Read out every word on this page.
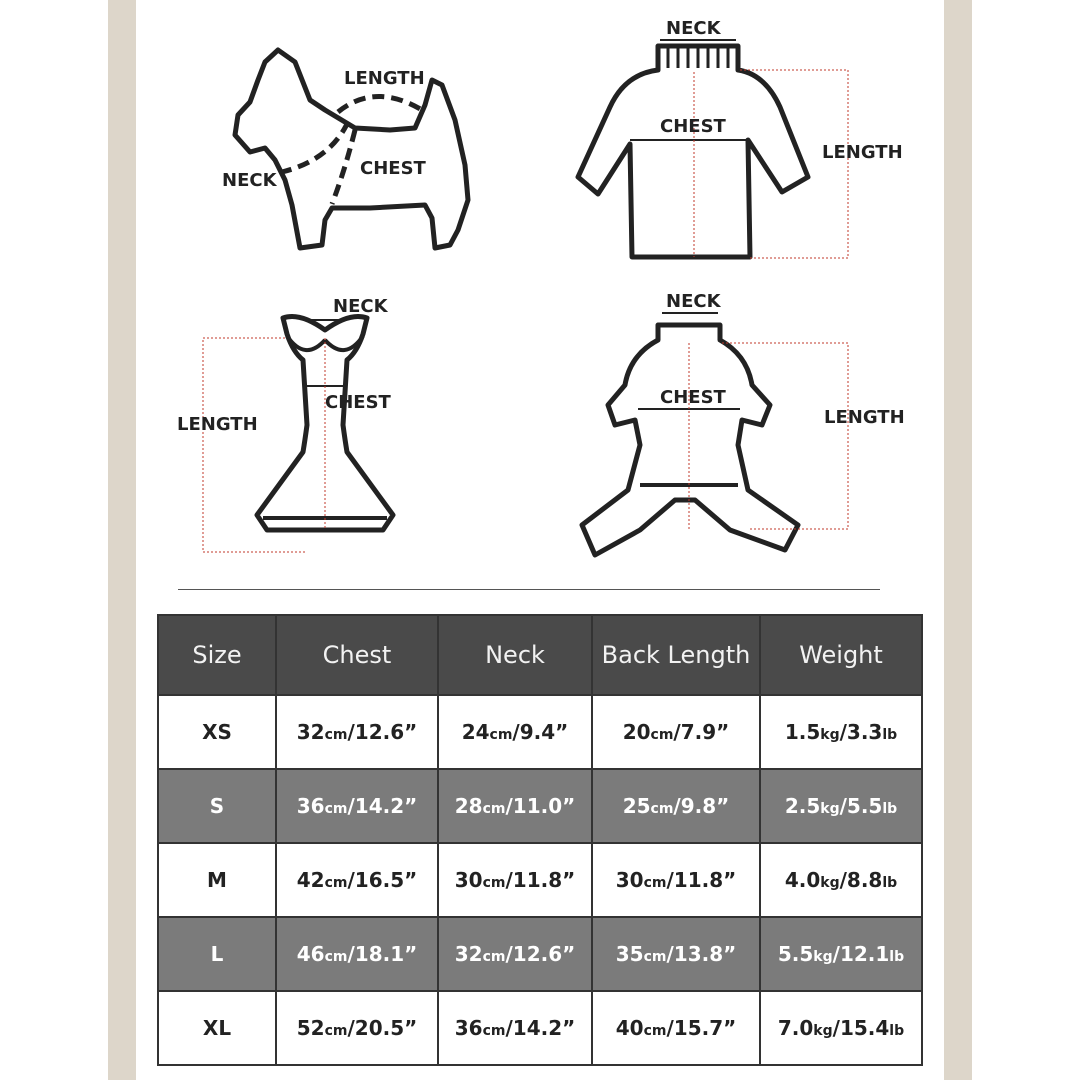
LENGTH
NECK
CHEST
NECK
CHEST
LENGTH
NECK
CHEST
LENGTH
NECK
CHEST
LENGTH
Size	Chest	Neck	Back Length	Weight
XS	32cm/12.6”	24cm/9.4”	20cm/7.9”	1.5kg/3.3lb
S	36cm/14.2”	28cm/11.0”	25cm/9.8”	2.5kg/5.5lb
M	42cm/16.5”	30cm/11.8”	30cm/11.8”	4.0kg/8.8lb
L	46cm/18.1”	32cm/12.6”	35cm/13.8”	5.5kg/12.1lb
XL	52cm/20.5”	36cm/14.2”	40cm/15.7”	7.0kg/15.4lb
